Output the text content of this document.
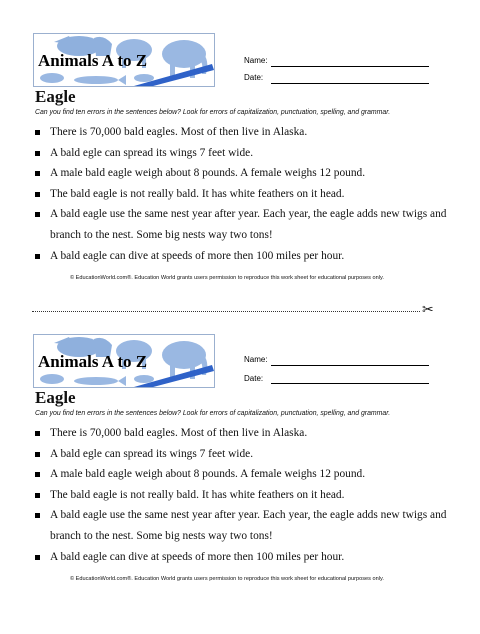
Animals A to Z	Name:
Date:
Eagle
Can you find ten errors in the sentences below? Look for errors of capitalization, punctuation, spelling, and grammar.
There is 70,000 bald eagles. Most of then live in Alaska.
A bald egle can spread its wings 7 feet wide.
A male bald eagle weigh about 8 pounds. A female weighs 12 pound.
The bald eagle is not really bald. It has white feathers on it head.
A bald eagle use the same nest year after year. Each year, the eagle adds new twigs and branch to the nest. Some big nests way two tons!
A bald eagle can dive at speeds of more then 100 miles per hour.
© EducationWorld.com®. Education World grants users permission to reproduce this work sheet for educational purposes only.
✂
Animals A to Z	Name:
Date:
Eagle
Can you find ten errors in the sentences below? Look for errors of capitalization, punctuation, spelling, and grammar.
There is 70,000 bald eagles. Most of then live in Alaska.
A bald egle can spread its wings 7 feet wide.
A male bald eagle weigh about 8 pounds. A female weighs 12 pound.
The bald eagle is not really bald. It has white feathers on it head.
A bald eagle use the same nest year after year. Each year, the eagle adds new twigs and branch to the nest. Some big nests way two tons!
A bald eagle can dive at speeds of more then 100 miles per hour.
© EducationWorld.com®. Education World grants users permission to reproduce this work sheet for educational purposes only.
